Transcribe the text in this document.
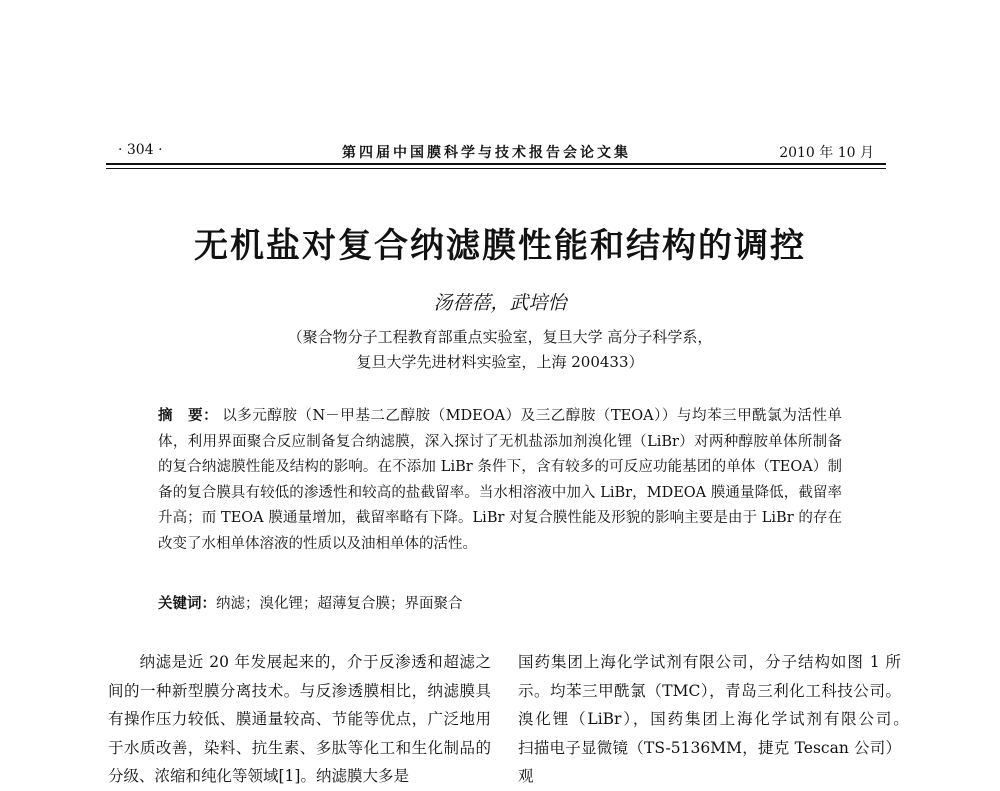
· 304 ·	第四届中国膜科学与技术报告会论文集	2010 年 10 月
无机盐对复合纳滤膜性能和结构的调控
汤蓓蓓，武培怡
（聚合物分子工程教育部重点实验室，复旦大学 高分子科学系，
复旦大学先进材料实验室，上海 200433）
摘　要： 以多元醇胺（N－甲基二乙醇胺（MDEOA）及三乙醇胺（TEOA））与均苯三甲酰氯为活性单体，利用界面聚合反应制备复合纳滤膜，深入探讨了无机盐添加剂溴化锂（LiBr）对两种醇胺单体所制备的复合纳滤膜性能及结构的影响。在不添加 LiBr 条件下，含有较多的可反应功能基团的单体（TEOA）制备的复合膜具有较低的渗透性和较高的盐截留率。当水相溶液中加入 LiBr，MDEOA 膜通量降低，截留率升高；而 TEOA 膜通量增加，截留率略有下降。LiBr 对复合膜性能及形貌的影响主要是由于 LiBr 的存在改变了水相单体溶液的性质以及油相单体的活性。
关键词：纳滤；溴化锂；超薄复合膜；界面聚合
纳滤是近 20 年发展起来的，介于反渗透和超滤之间的一种新型膜分离技术。与反渗透膜相比，纳滤膜具有操作压力较低、膜通量较高、节能等优点，广泛地用于水质改善，染料、抗生素、多肽等化工和生化制品的分级、浓缩和纯化等领域[1]。纳滤膜大多是
国药集团上海化学试剂有限公司，分子结构如图 1 所示。均苯三甲酰氯（TMC），青岛三利化工科技公司。溴化锂（LiBr），国药集团上海化学试剂有限公司。　　扫描电子显微镜（TS-5136MM，捷克 Tescan 公司）观
